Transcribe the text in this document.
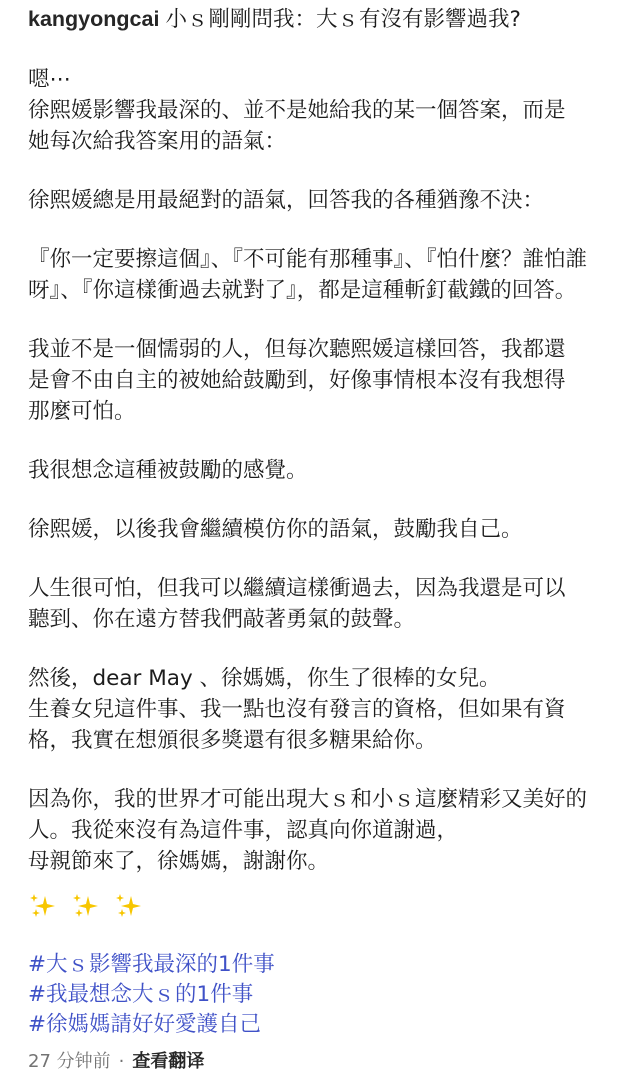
kangyongcai 小ｓ剛剛問我：大ｓ有沒有影響過我?
嗯⋯
徐熙媛影響我最深的、並不是她給我的某一個答案，而是
她每次給我答案用的語氣：
徐熙媛總是用最絕對的語氣，回答我的各種猶豫不決：
『你一定要擦這個』、『不可能有那種事』、『怕什麼？誰怕誰
呀』、『你這樣衝過去就對了』，都是這種斬釘截鐵的回答。
我並不是一個懦弱的人，但每次聽熙媛這樣回答，我都還
是會不由自主的被她給鼓勵到，好像事情根本沒有我想得
那麼可怕。
我很想念這種被鼓勵的感覺。
徐熙媛，以後我會繼續模仿你的語氣，鼓勵我自己。
人生很可怕，但我可以繼續這樣衝過去，因為我還是可以
聽到、你在遠方替我們敲著勇氣的鼓聲。
然後，dear May 、徐媽媽，你生了很棒的女兒。
生養女兒這件事、我一點也沒有發言的資格，但如果有資
格，我實在想頒很多獎還有很多糖果給你。
因為你，我的世界才可能出現大ｓ和小ｓ這麼精彩又美好的
人。我從來沒有為這件事，認真向你道謝過，
母親節來了，徐媽媽，謝謝你。

#大ｓ影響我最深的1件事
#我最想念大ｓ的1件事
#徐媽媽請好好愛護自己
27 分钟前 · 查看翻译
